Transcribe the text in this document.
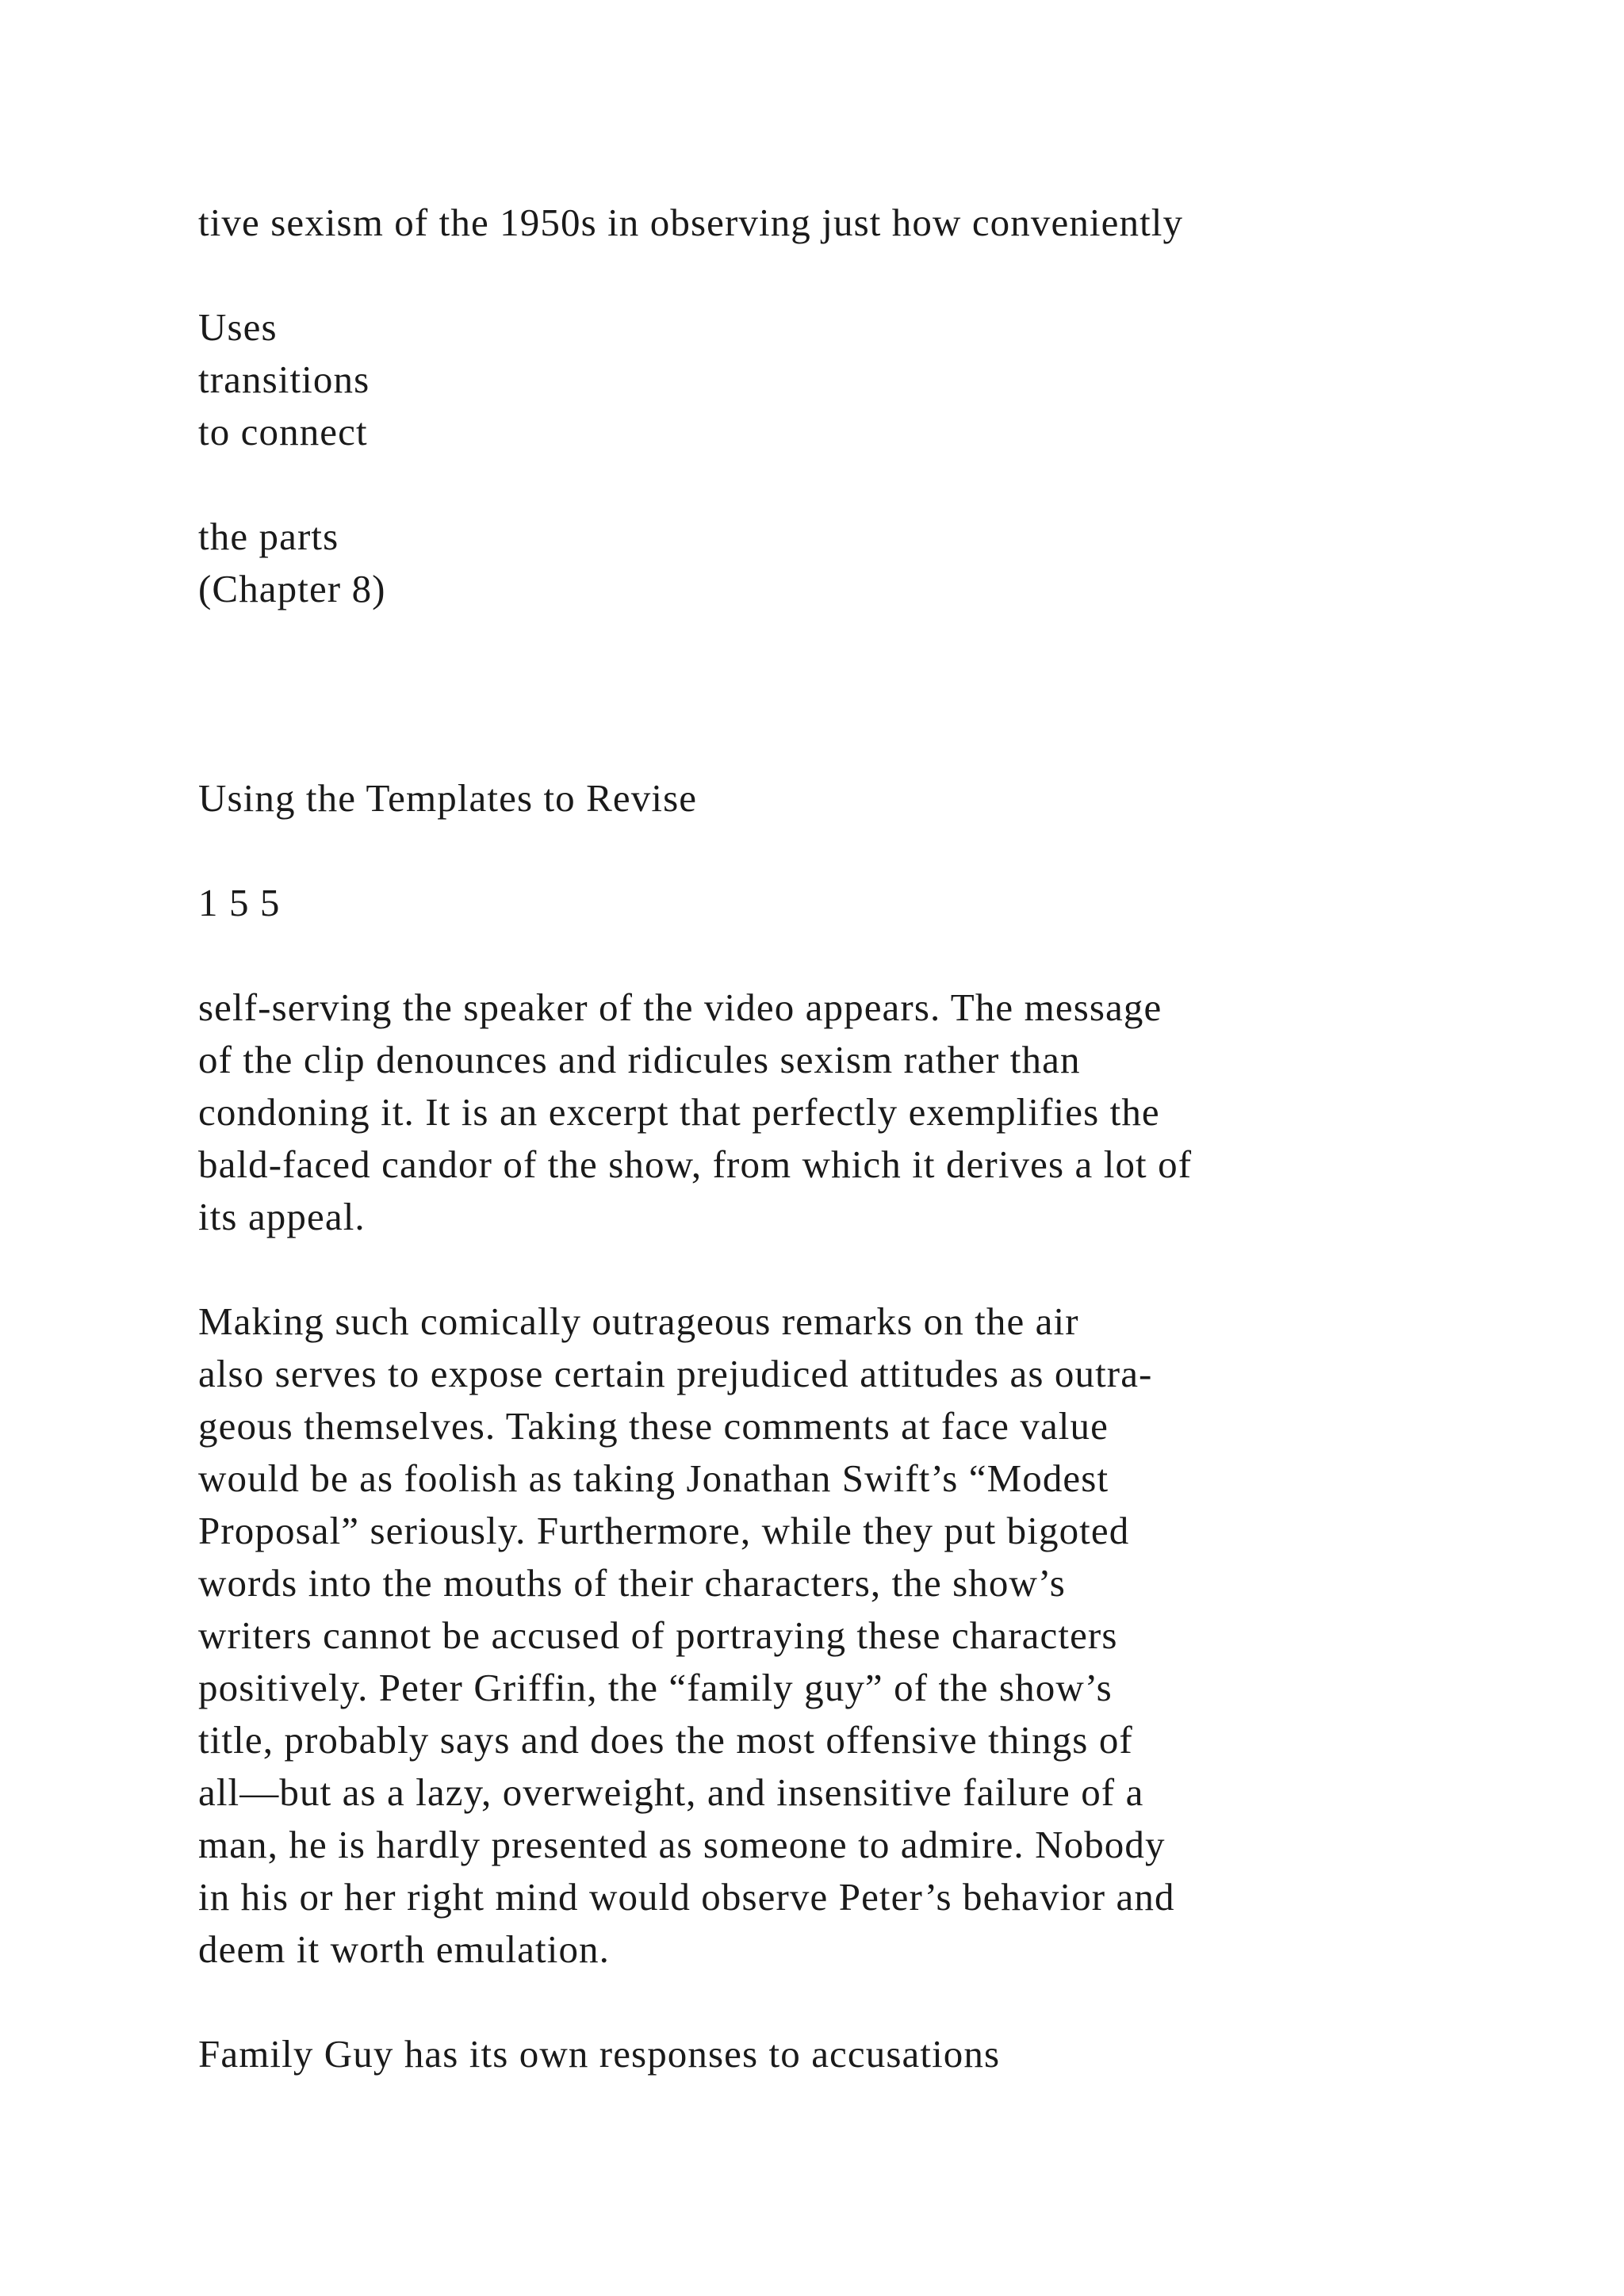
tive sexism of the 1950s in observing just how conveniently

Uses

transitions

to connect

the parts

(Chapter 8)

Using the Templates to Revise

1 5 5

self-serving the speaker of the video appears. The message

of the clip denounces and ridicules sexism rather than

condoning it. It is an excerpt that perfectly exemplifies the

bald-faced candor of the show, from which it derives a lot of

its appeal.

Making such comically outrageous remarks on the air

also serves to expose certain prejudiced attitudes as outra-

geous themselves. Taking these comments at face value

would be as foolish as taking Jonathan Swift’s “Modest

Proposal” seriously. Furthermore, while they put bigoted

words into the mouths of their characters, the show’s

writers cannot be accused of portraying these characters

positively. Peter Griffin, the “family guy” of the show’s

title, probably says and does the most offensive things of

all—but as a lazy, overweight, and insensitive failure of a

man, he is hardly presented as someone to admire. Nobody

in his or her right mind would observe Peter’s behavior and

deem it worth emulation.

Family Guy has its own responses to accusations
